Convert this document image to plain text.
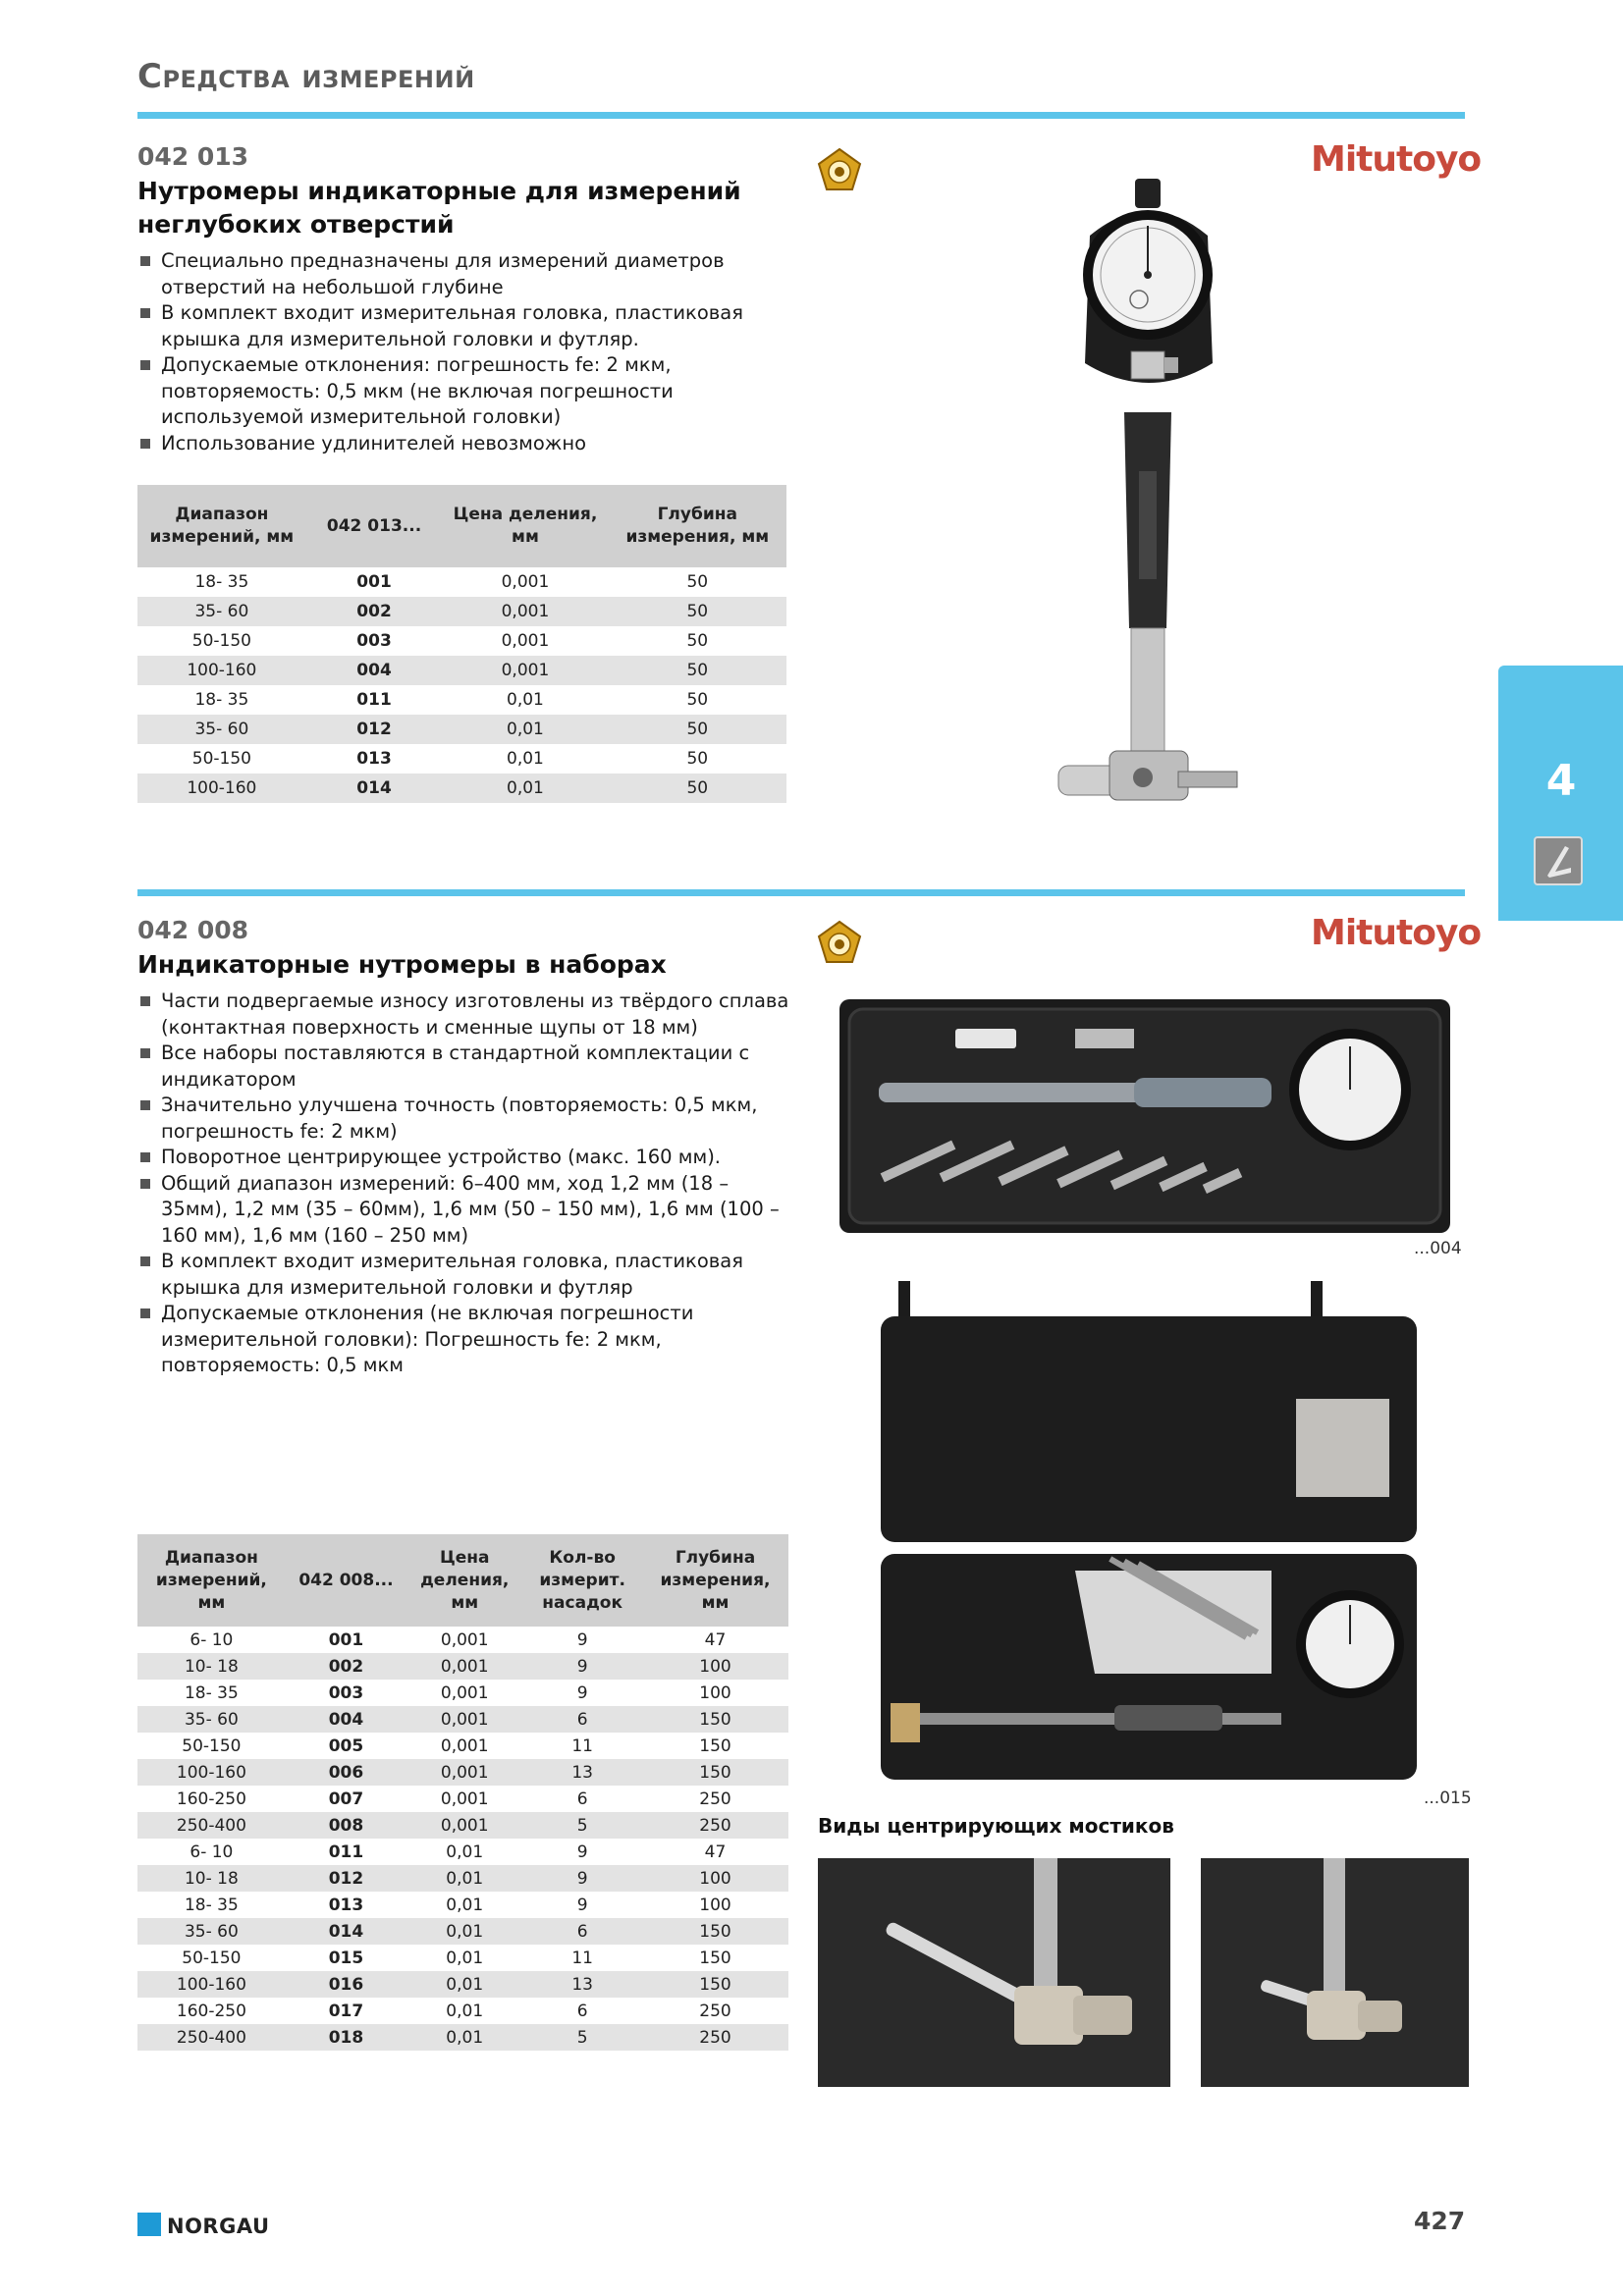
Средства измерений
042 013
Нутромеры индикаторные для измерений
неглубоких отверстий
Mitutoyo
Специально предназначены для измерений диаметров отверстий на небольшой глубине
В комплект входит измерительная головка, пластиковая крышка для измерительной головки и футляр.
Допускаемые отклонения: погрешность fe: 2 мкм, повторяемость: 0,5 мкм (не включая погрешности используемой измерительной головки)
Использование удлинителей невозможно
Диапазон измерений, мм	042 013...	Цена деления, мм	Глубина измерения, мм
18- 35	001	0,001	50
35- 60	002	0,001	50
50-150	003	0,001	50
100-160	004	0,001	50
18- 35	011	0,01	50
35- 60	012	0,01	50
50-150	013	0,01	50
100-160	014	0,01	50	4
042 008
Индикаторные нутромеры в наборах
Mitutoyo
Части подвергаемые износу изготовлены из твёрдого сплава (контактная поверхность и сменные щупы от 18 мм)
Все наборы поставляются в стандартной комплектации с индикатором
Значительно улучшена точность (повторяемость: 0,5 мкм, погрешность fe: 2 мкм)
Поворотное центрирующее устройство (макс. 160 мм).
Общий диапазон измерений: 6–400 мм, ход 1,2 мм (18 – 35мм), 1,2 мм (35 – 60мм), 1,6 мм (50 – 150 мм), 1,6 мм (100 – 160 мм), 1,6 мм (160 – 250 мм)
В комплект входит измерительная головка, пластиковая крышка для измерительной головки и футляр
Допускаемые отклонения (не включая погрешности измерительной головки): Погрешность fe: 2 мкм, повторяемость: 0,5 мкм
...004
...015
Виды центрирующих мостиков
Диапазон измерений, мм	042 008...	Цена деления, мм	Кол-во измерит. насадок	Глубина измерения, мм
6- 10	001	0,001	9	47
10- 18	002	0,001	9	100
18- 35	003	0,001	9	100
35- 60	004	0,001	6	150
50-150	005	0,001	11	150
100-160	006	0,001	13	150
160-250	007	0,001	6	250
250-400	008	0,001	5	250
6- 10	011	0,01	9	47
10- 18	012	0,01	9	100
18- 35	013	0,01	9	100
35- 60	014	0,01	6	150
50-150	015	0,01	11	150
100-160	016	0,01	13	150
160-250	017	0,01	6	250
250-400	018	0,01	5	250
NORGAU	427
